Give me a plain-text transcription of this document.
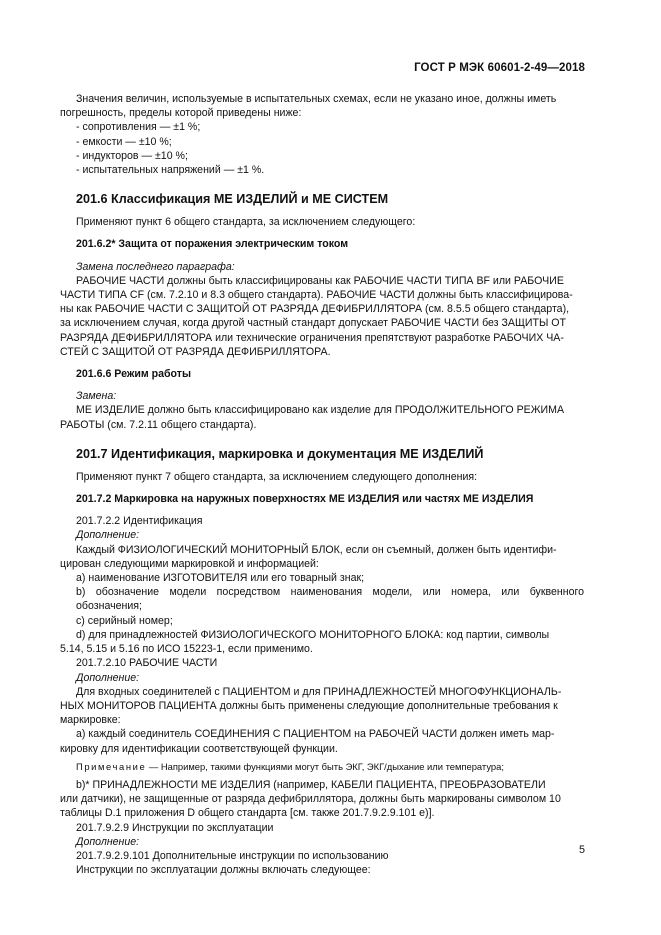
ГОСТ Р МЭК 60601-2-49—2018
Значения величин, используемые в испытательных схемах, если не указано иное, должны иметь
погрешность, пределы которой приведены ниже:
- сопротивления — ±1 %;
- емкости — ±10 %;
- индукторов — ±10 %;
- испытательных напряжений — ±1 %.
201.6 Классификация МЕ ИЗДЕЛИЙ и МЕ СИСТЕМ
Применяют пункт 6 общего стандарта, за исключением следующего:
201.6.2* Защита от поражения электрическим током
Замена последнего параграфа:
РАБОЧИЕ ЧАСТИ должны быть классифицированы как РАБОЧИЕ ЧАСТИ ТИПА BF или РАБОЧИЕ
ЧАСТИ ТИПА CF (см. 7.2.10 и 8.3 общего стандарта). РАБОЧИЕ ЧАСТИ должны быть классифицирова-
ны как РАБОЧИЕ ЧАСТИ С ЗАЩИТОЙ ОТ РАЗРЯДА ДЕФИБРИЛЛЯТОРА (см. 8.5.5 общего стандарта),
за исключением случая, когда другой частный стандарт допускает РАБОЧИЕ ЧАСТИ без ЗАЩИТЫ ОТ
РАЗРЯДА ДЕФИБРИЛЛЯТОРА или технические ограничения препятствуют разработке РАБОЧИХ ЧА-
СТЕЙ С ЗАЩИТОЙ ОТ РАЗРЯДА ДЕФИБРИЛЛЯТОРА.
201.6.6 Режим работы
Замена:
МЕ ИЗДЕЛИЕ должно быть классифицировано как изделие для ПРОДОЛЖИТЕЛЬНОГО РЕЖИМА
РАБОТЫ (см. 7.2.11 общего стандарта).
201.7 Идентификация, маркировка и документация МЕ ИЗДЕЛИЙ
Применяют пункт 7 общего стандарта, за исключением следующего дополнения:
201.7.2 Маркировка на наружных поверхностях МЕ ИЗДЕЛИЯ или частях МЕ ИЗДЕЛИЯ
201.7.2.2 Идентификация
Дополнение:
Каждый ФИЗИОЛОГИЧЕСКИЙ МОНИТОРНЫЙ БЛОК, если он съемный, должен быть идентифи-
цирован следующими маркировкой и информацией:
a) наименование ИЗГОТОВИТЕЛЯ или его товарный знак;
b) обозначение модели посредством наименования модели, или номера, или буквенного обозначения;
c) серийный номер;
d) для принадлежностей ФИЗИОЛОГИЧЕСКОГО МОНИТОРНОГО БЛОКА: код партии, символы
5.14, 5.15 и 5.16 по ИСО 15223-1, если применимо.
201.7.2.10 РАБОЧИЕ ЧАСТИ
Дополнение:
Для входных соединителей с ПАЦИЕНТОМ и для ПРИНАДЛЕЖНОСТЕЙ МНОГОФУНКЦИОНАЛЬ-
НЫХ МОНИТОРОВ ПАЦИЕНТА должны быть применены следующие дополнительные требования к
маркировке:
a) каждый соединитель СОЕДИНЕНИЯ С ПАЦИЕНТОМ на РАБОЧЕЙ ЧАСТИ должен иметь мар-
кировку для идентификации соответствующей функции.
Примечание — Например, такими функциями могут быть ЭКГ, ЭКГ/дыхание или температура;
b)* ПРИНАДЛЕЖНОСТИ МЕ ИЗДЕЛИЯ (например, КАБЕЛИ ПАЦИЕНТА, ПРЕОБРАЗОВАТЕЛИ
или датчики), не защищенные от разряда дефибриллятора, должны быть маркированы символом 10
таблицы D.1 приложения D общего стандарта [см. также 201.7.9.2.9.101 e)].
201.7.9.2.9 Инструкции по эксплуатации
Дополнение:
201.7.9.2.9.101 Дополнительные инструкции по использованию
Инструкции по эксплуатации должны включать следующее:
5
